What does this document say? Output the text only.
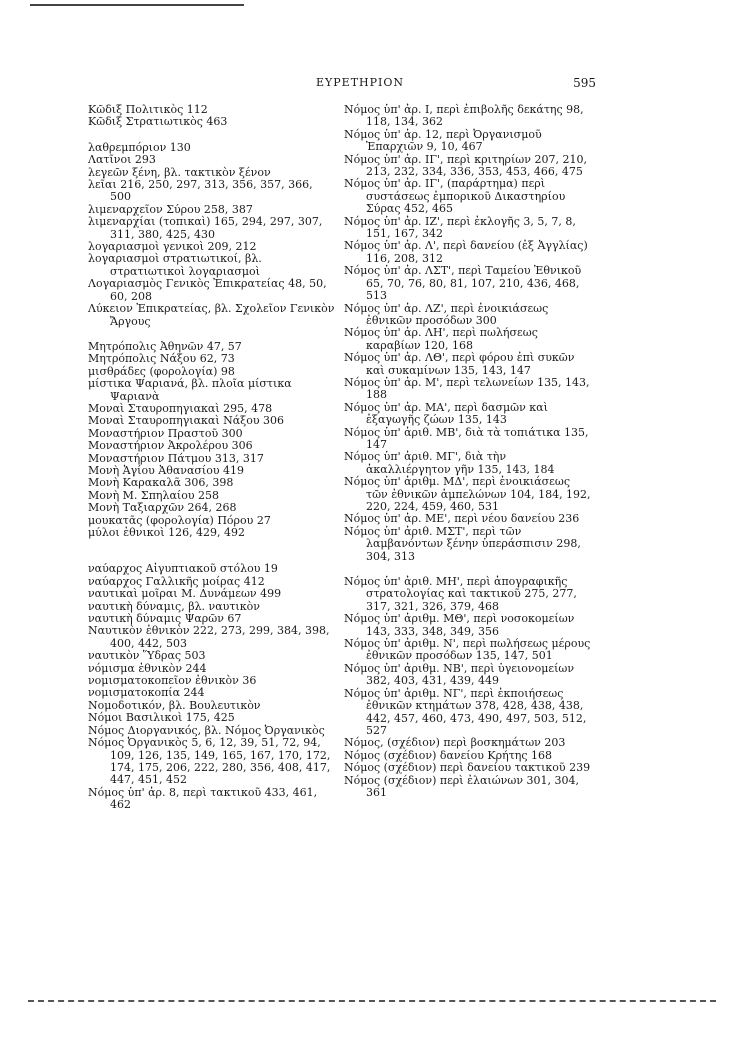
ΕΥΡΕΤΗΡΙΟΝ	595

Κῶδιξ Πολιτικὸς 112

Κῶδιξ Στρατιωτικὸς 463

λαθρεμπόριον 130

Λατῖνοι 293

λεγεῶν ξένη, βλ. τακτικὸν ξένον

λεῖαι 216, 250, 297, 313, 356, 357, 366, 500

λιμεναρχεῖον Σύρου 258, 387

λιμεναρχίαι (τοπικαὶ) 165, 294, 297, 307, 311, 380, 425, 430

λογαριασμοὶ γενικοὶ 209, 212

λογαριασμοὶ στρατιωτικοί, βλ. στρατιωτικοὶ λογαριασμοὶ

Λογαριασμὸς Γενικὸς Ἐπικρατείας 48, 50, 60, 208

Λύκειον Ἐπικρατείας, βλ. Σχολεῖον Γενικὸν Ἄργους

Μητρόπολις Ἀθηνῶν 47, 57

Μητρόπολις Νάξου 62, 73

μισθράδες (φορολογία) 98

μίστικα Ψαριανά, βλ. πλοῖα μίστικα Ψαριανὰ

Μοναὶ Σταυροπηγιακαὶ 295, 478

Μοναὶ Σταυροπηγιακαὶ Νάξου 306

Μοναστήριον Πραστοῦ 300

Μοναστήριον Ἀκρολέρου 306

Μοναστήριον Πάτμου 313, 317

Μονὴ Ἁγίου Ἀθανασίου 419

Μονὴ Καρακαλᾶ 306, 398

Μονὴ Μ. Σπηλαίου 258

Μονὴ Ταξιαρχῶν 264, 268

μουκατᾶς (φορολογία) Πόρου 27

μύλοι ἐθνικοὶ 126, 429, 492

ναύαρχος Αἰγυπτιακοῦ στόλου 19

ναύαρχος Γαλλικῆς μοίρας 412

ναυτικαὶ μοῖραι Μ. Δυνάμεων 499

ναυτικὴ δύναμις, βλ. ναυτικὸν

ναυτικὴ δύναμις Ψαρῶν 67

Ναυτικὸν ἐθνικὸν 222, 273, 299, 384, 398, 400, 442, 503

ναυτικὸν Ὕδρας 503

νόμισμα ἐθνικὸν 244

νομισματοκοπεῖον ἐθνικὸν 36

νομισματοκοπία 244

Νομοδοτικόν, βλ. Βουλευτικὸν

Νόμοι Βασιλικοὶ 175, 425

Νόμος Διοργανικός, βλ. Νόμος Ὀργανικὸς

Νόμος Ὀργανικὸς 5, 6, 12, 39, 51, 72, 94, 109, 126, 135, 149, 165, 167, 170, 172, 174, 175, 206, 222, 280, 356, 408, 417, 447, 451, 452

Νόμος ὑπ' ἀρ. 8, περὶ τακτικοῦ 433, 461, 462

Νόμος ὑπ' ἀρ. Ι, περὶ ἐπιβολῆς δεκάτης 98, 118, 134, 362

Νόμος ὑπ' ἀρ. 12, περὶ Ὀργανισμοῦ Ἐπαρχιῶν 9, 10, 467

Νόμος ὑπ' ἀρ. ΙΓ', περὶ κριτηρίων 207, 210, 213, 232, 334, 336, 353, 453, 466, 475

Νόμος ὑπ' ἀρ. ΙΓ', (παράρτημα) περὶ συστάσεως ἐμπορικοῦ Δικαστηρίου Σύρας 452, 465

Νόμος ὑπ' ἀρ. ΙΖ', περὶ ἐκλογῆς 3, 5, 7, 8, 151, 167, 342

Νόμος ὑπ' ἀρ. Λ', περὶ δανείου (ἐξ Ἀγγλίας) 116, 208, 312

Νόμος ὑπ' ἀρ. ΛΣΤ', περὶ Ταμείου Ἐθνικοῦ 65, 70, 76, 80, 81, 107, 210, 436, 468, 513

Νόμος ὑπ' ἀρ. ΛΖ', περὶ ἐνοικιάσεως ἐθνικῶν προσόδων 300

Νόμος ὑπ' ἀρ. ΛΗ', περὶ πωλήσεως καραβίων 120, 168

Νόμος ὑπ' ἀρ. ΛΘ', περὶ φόρου ἐπὶ συκῶν καὶ συκαμίνων 135, 143, 147

Νόμος ὑπ' ἀρ. Μ', περὶ τελωνείων 135, 143, 188

Νόμος ὑπ' ἀρ. ΜΑ', περὶ δασμῶν καὶ ἐξαγωγῆς ζώων 135, 143

Νόμος ὑπ' ἀριθ. ΜΒ', διὰ τὰ τοπιάτικα 135, 147

Νόμος ὑπ' ἀριθ. ΜΓ', διὰ τὴν ἀκαλλιέργητον γῆν 135, 143, 184

Νόμος ὑπ' ἀριθμ. ΜΔ', περὶ ἐνοικιάσεως τῶν ἐθνικῶν ἀμπελώνων 104, 184, 192, 220, 224, 459, 460, 531

Νόμος ὑπ' ἀρ. ΜΕ', περὶ νέου δανείου 236

Νόμος ὑπ' ἀριθ. ΜΣΤ', περὶ τῶν λαμβανόντων ξένην ὑπεράσπισιν 298, 304, 313

Νόμος ὑπ' ἀριθ. ΜΗ', περὶ ἀπογραφικῆς στρατολογίας καὶ τακτικοῦ 275, 277, 317, 321, 326, 379, 468

Νόμος ὑπ' ἀριθμ. ΜΘ', περὶ νοσοκομείων 143, 333, 348, 349, 356

Νόμος ὑπ' ἀριθμ. Ν', περὶ πωλήσεως μέρους ἐθνικῶν προσόδων 135, 147, 501

Νόμος ὑπ' ἀριθμ. ΝΒ', περὶ ὑγειονομείων 382, 403, 431, 439, 449

Νόμος ὑπ' ἀριθμ. ΝΓ', περὶ ἐκποιήσεως ἐθνικῶν κτημάτων 378, 428, 438, 438, 442, 457, 460, 473, 490, 497, 503, 512, 527

Νόμος, (σχέδιον) περὶ βοσκημάτων 203

Νόμος (σχέδιον) δανείου Κρήτης 168

Νόμος (σχέδιον) περὶ δανείου τακτικοῦ 239

Νόμος (σχέδιον) περὶ ἐλαιώνων 301, 304, 361
